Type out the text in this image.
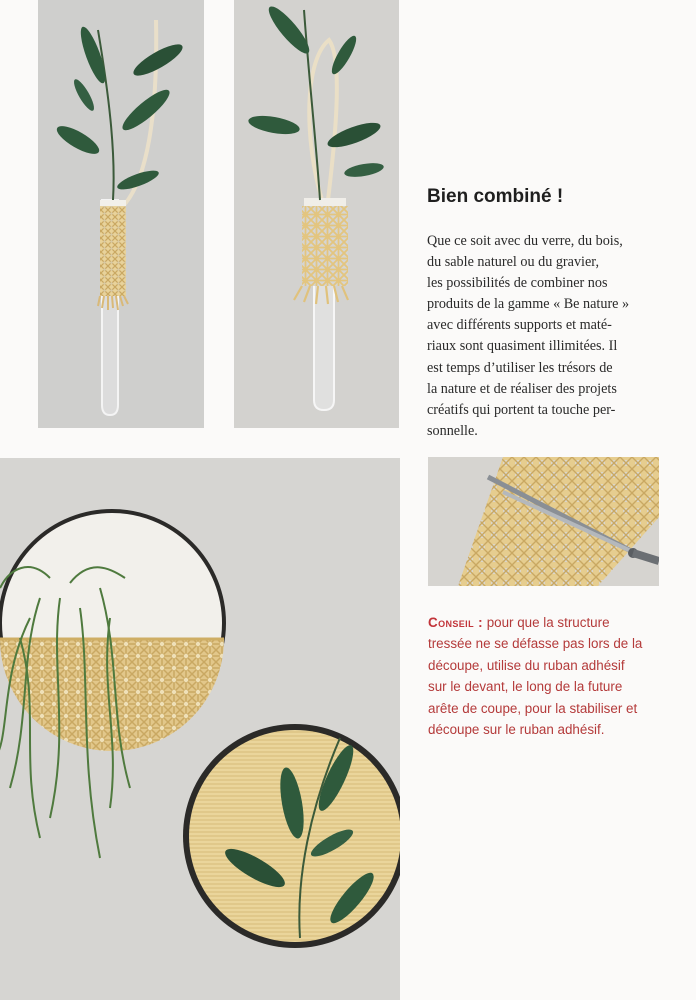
Bien combiné !

Que ce soit avec du verre, du bois,
du sable naturel ou du gravier,
les possibilités de combiner nos
produits de la gamme « Be nature »
avec différents supports et maté-
riaux sont quasiment illimitées. Il
est temps d’utiliser les trésors de
la nature et de réaliser des projets
créatifs qui portent ta touche per-
sonnelle.

Conseil : pour que la structure
tressée ne se défasse pas lors de la
découpe, utilise du ruban adhésif
sur le devant, le long de la future
arête de coupe, pour la stabiliser et
découpe sur le ruban adhésif.
